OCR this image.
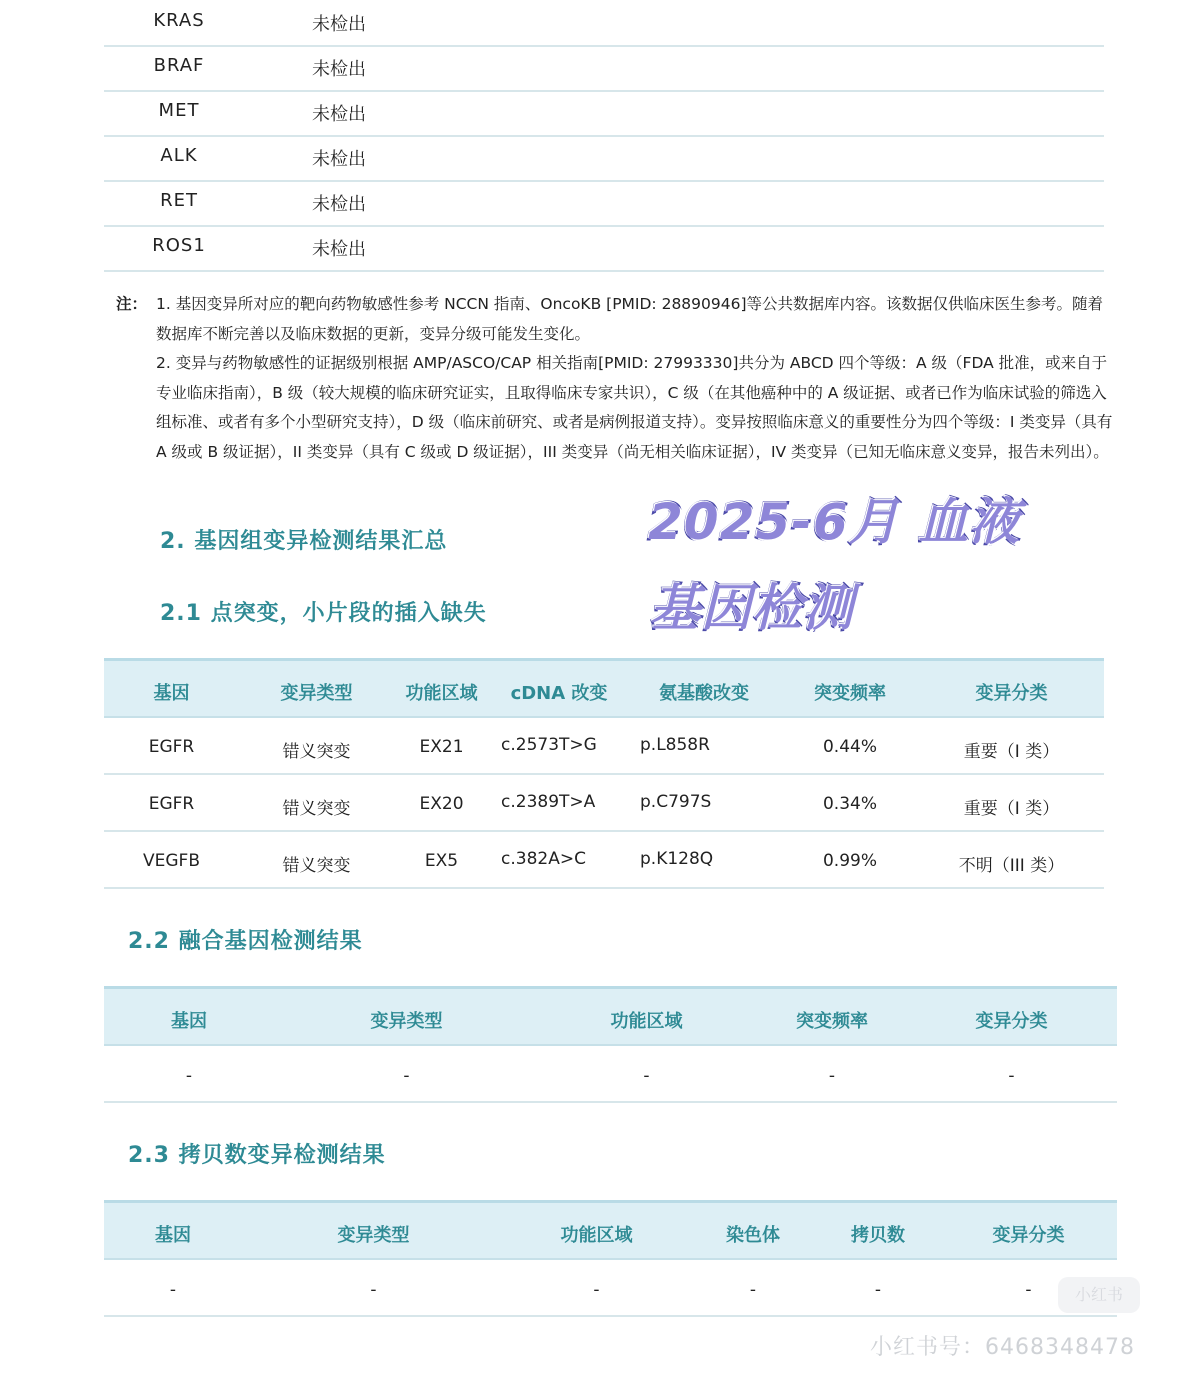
KRAS	未检出
BRAF	未检出
MET	未检出
ALK	未检出
RET	未检出
ROS1	未检出
注： 1. 基因变异所对应的靶向药物敏感性参考 NCCN 指南、OncoKB [PMID: 28890946]等公共数据库内容。该数据仅供临床医生参考。随着数据库不断完善以及临床数据的更新，变异分级可能发生变化。
2. 变异与药物敏感性的证据级别根据 AMP/ASCO/CAP 相关指南[PMID: 27993330]共分为 ABCD 四个等级：A 级（FDA 批准，或来自于专业临床指南），B 级（较大规模的临床研究证实，且取得临床专家共识），C 级（在其他癌种中的 A 级证据、或者已作为临床试验的筛选入组标准、或者有多个小型研究支持），D 级（临床前研究、或者是病例报道支持）。变异按照临床意义的重要性分为四个等级：I 类变异（具有 A 级或 B 级证据），II 类变异（具有 C 级或 D 级证据），III 类变异（尚无相关临床证据），IV 类变异（已知无临床意义变异，报告未列出）。
2. 基因组变异检测结果汇总
2.1 点突变，小片段的插入缺失
2025-6月 血液
基因检测
基因	变异类型	功能区域	cDNA 改变	氨基酸改变	突变频率	变异分类
EGFR	错义突变	EX21	c.2573T>G	p.L858R	0.44%	重要（I 类）
EGFR	错义突变	EX20	c.2389T>A	p.C797S	0.34%	重要（I 类）
VEGFB	错义突变	EX5	c.382A>C	p.K128Q	0.99%	不明（III 类）
2.2 融合基因检测结果
基因	变异类型	功能区域	突变频率	变异分类
-	-	-	-	-
2.3 拷贝数变异检测结果
基因	变异类型	功能区域	染色体	拷贝数	变异分类
-	-	-	-	-	-	小红书
小红书号：6468348478
